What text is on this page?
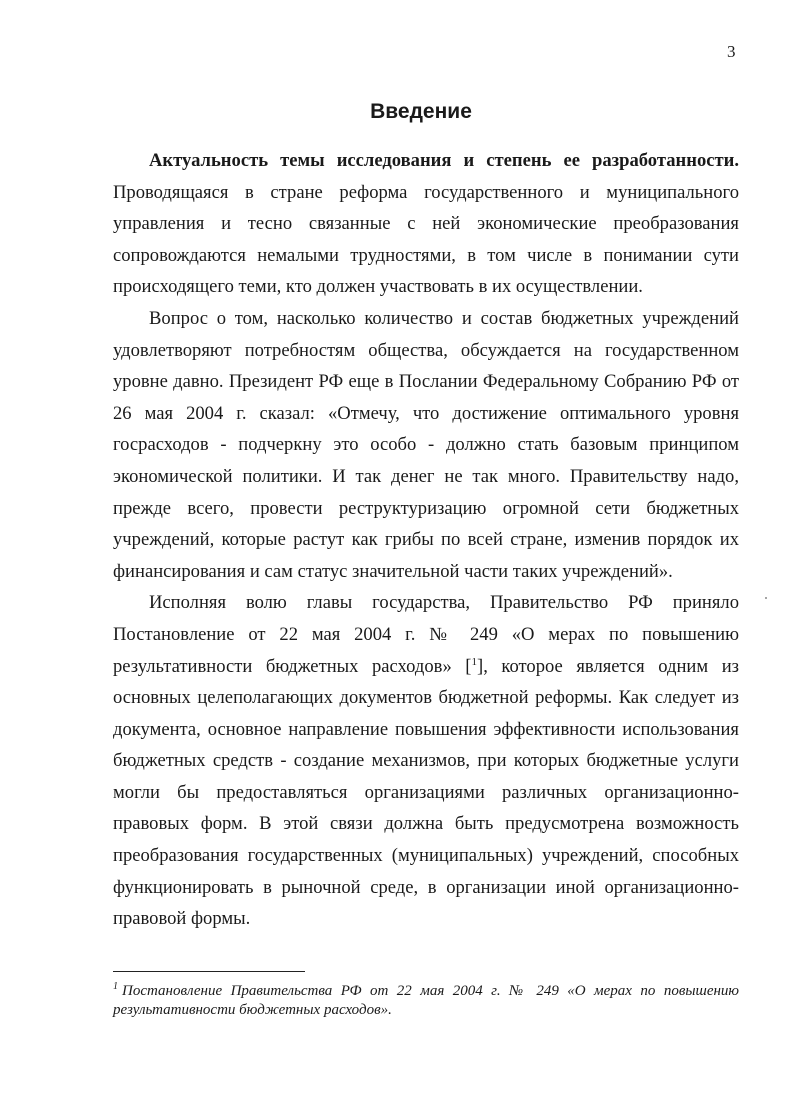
3
Введение

Актуальность темы исследования и степень ее разработанности. Проводящаяся в стране реформа государственного и муниципального управления и тесно связанные с ней экономические преобразования сопровождаются немалыми трудностями, в том числе в понимании сути происходящего теми, кто должен участвовать в их осуществлении.

Вопрос о том, насколько количество и состав бюджетных учреждений удовлетворяют потребностям общества, обсуждается на государственном уровне давно. Президент РФ еще в Послании Федеральному Собранию РФ от 26 мая 2004 г. сказал: «Отмечу, что достижение оптимального уровня госрасходов - подчеркну это особо - должно стать базовым принципом экономической политики. И так денег не так много. Правительству надо, прежде всего, провести реструктуризацию огромной сети бюджетных учреждений, которые растут как грибы по всей стране, изменив порядок их финансирования и сам статус значительной части таких учреждений».

Исполняя волю главы государства, Правительство РФ приняло Постановление от 22 мая 2004 г. № 249 «О мерах по повышению результативности бюджетных расходов» [$^1$], которое является одним из основных целеполагающих документов бюджетной реформы. Как следует из документа, основное направление повышения эффективности использования бюджетных средств - создание механизмов, при которых бюджетные услуги могли бы предоставляться организациями различных организационно-правовых форм. В этой связи должна быть предусмотрена возможность преобразования государственных (муниципальных) учреждений, способных функционировать в рыночной среде, в организации иной организационно-правовой формы.

$^1$ Постановление Правительства РФ от 22 мая 2004 г. № 249 «О мерах по повышению результативности бюджетных расходов».
